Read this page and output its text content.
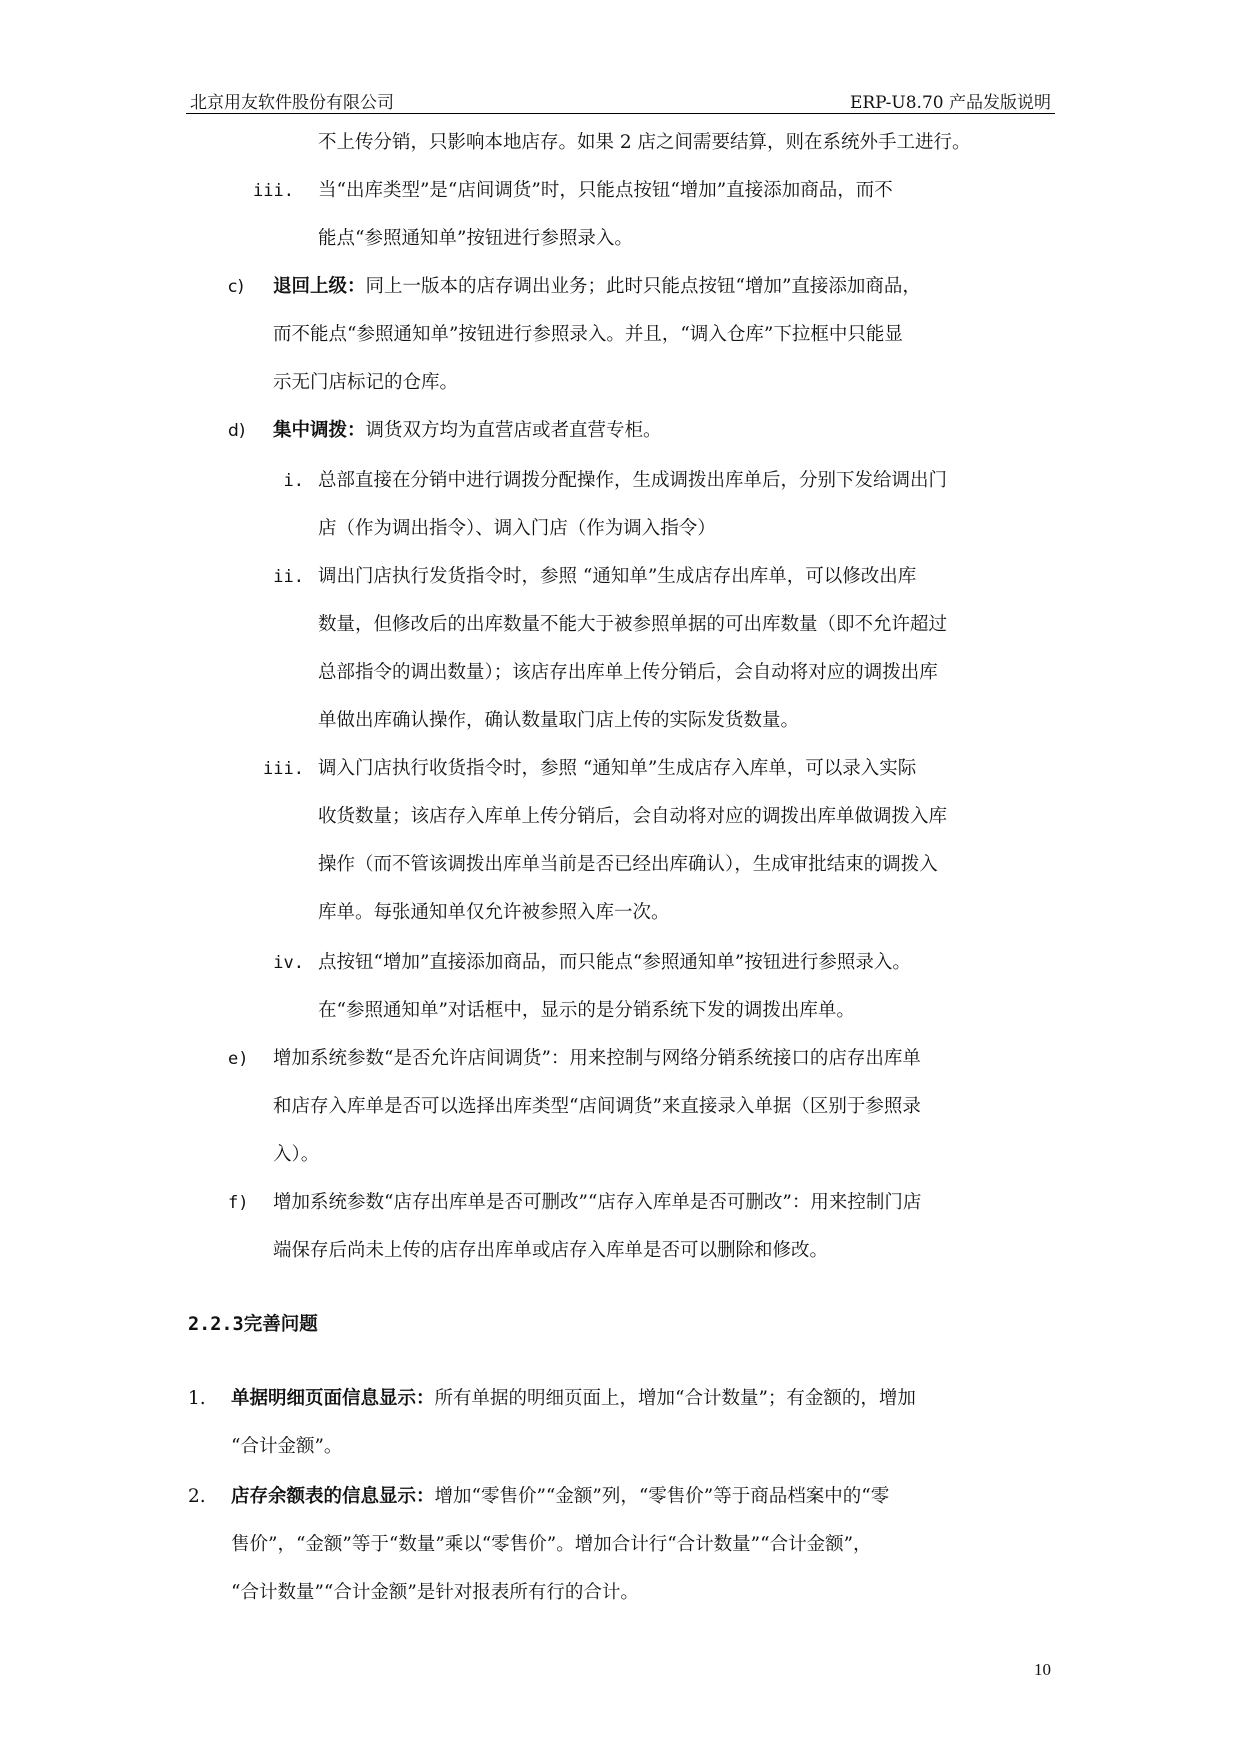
北京用友软件股份有限公司	ERP-U8.70 产品发版说明
不上传分销，只影响本地店存。如果 2 店之间需要结算，则在系统外手工进行。
iii. 当“出库类型”是“店间调货”时，只能点按钮“增加”直接添加商品，而不
能点“参照通知单”按钮进行参照录入。
c) 退回上级：同上一版本的店存调出业务；此时只能点按钮“增加”直接添加商品，
而不能点“参照通知单”按钮进行参照录入。并且，“调入仓库”下拉框中只能显
示无门店标记的仓库。
d) 集中调拨：调货双方均为直营店或者直营专柜。
i. 总部直接在分销中进行调拨分配操作，生成调拨出库单后，分别下发给调出门
店（作为调出指令）、调入门店（作为调入指令）
ii. 调出门店执行发货指令时，参照 “通知单”生成店存出库单，可以修改出库
数量，但修改后的出库数量不能大于被参照单据的可出库数量（即不允许超过
总部指令的调出数量）；该店存出库单上传分销后，会自动将对应的调拨出库
单做出库确认操作，确认数量取门店上传的实际发货数量。
iii. 调入门店执行收货指令时，参照 “通知单”生成店存入库单，可以录入实际
收货数量；该店存入库单上传分销后，会自动将对应的调拨出库单做调拨入库
操作（而不管该调拨出库单当前是否已经出库确认），生成审批结束的调拨入
库单。每张通知单仅允许被参照入库一次。
iv. 点按钮“增加”直接添加商品，而只能点“参照通知单”按钮进行参照录入。
在“参照通知单”对话框中，显示的是分销系统下发的调拨出库单。
e) 增加系统参数“是否允许店间调货”：用来控制与网络分销系统接口的店存出库单
和店存入库单是否可以选择出库类型“店间调货”来直接录入单据（区别于参照录
入）。
f) 增加系统参数“店存出库单是否可删改”“店存入库单是否可删改”：用来控制门店
端保存后尚未上传的店存出库单或店存入库单是否可以删除和修改。
2.2.3完善问题
1. 单据明细页面信息显示：所有单据的明细页面上，增加“合计数量”；有金额的，增加
“合计金额”。
2. 店存余额表的信息显示：增加“零售价”“金额”列，“零售价”等于商品档案中的“零
售价”，“金额”等于“数量”乘以“零售价”。增加合计行“合计数量”“合计金额”，
“合计数量”“合计金额”是针对报表所有行的合计。
10
